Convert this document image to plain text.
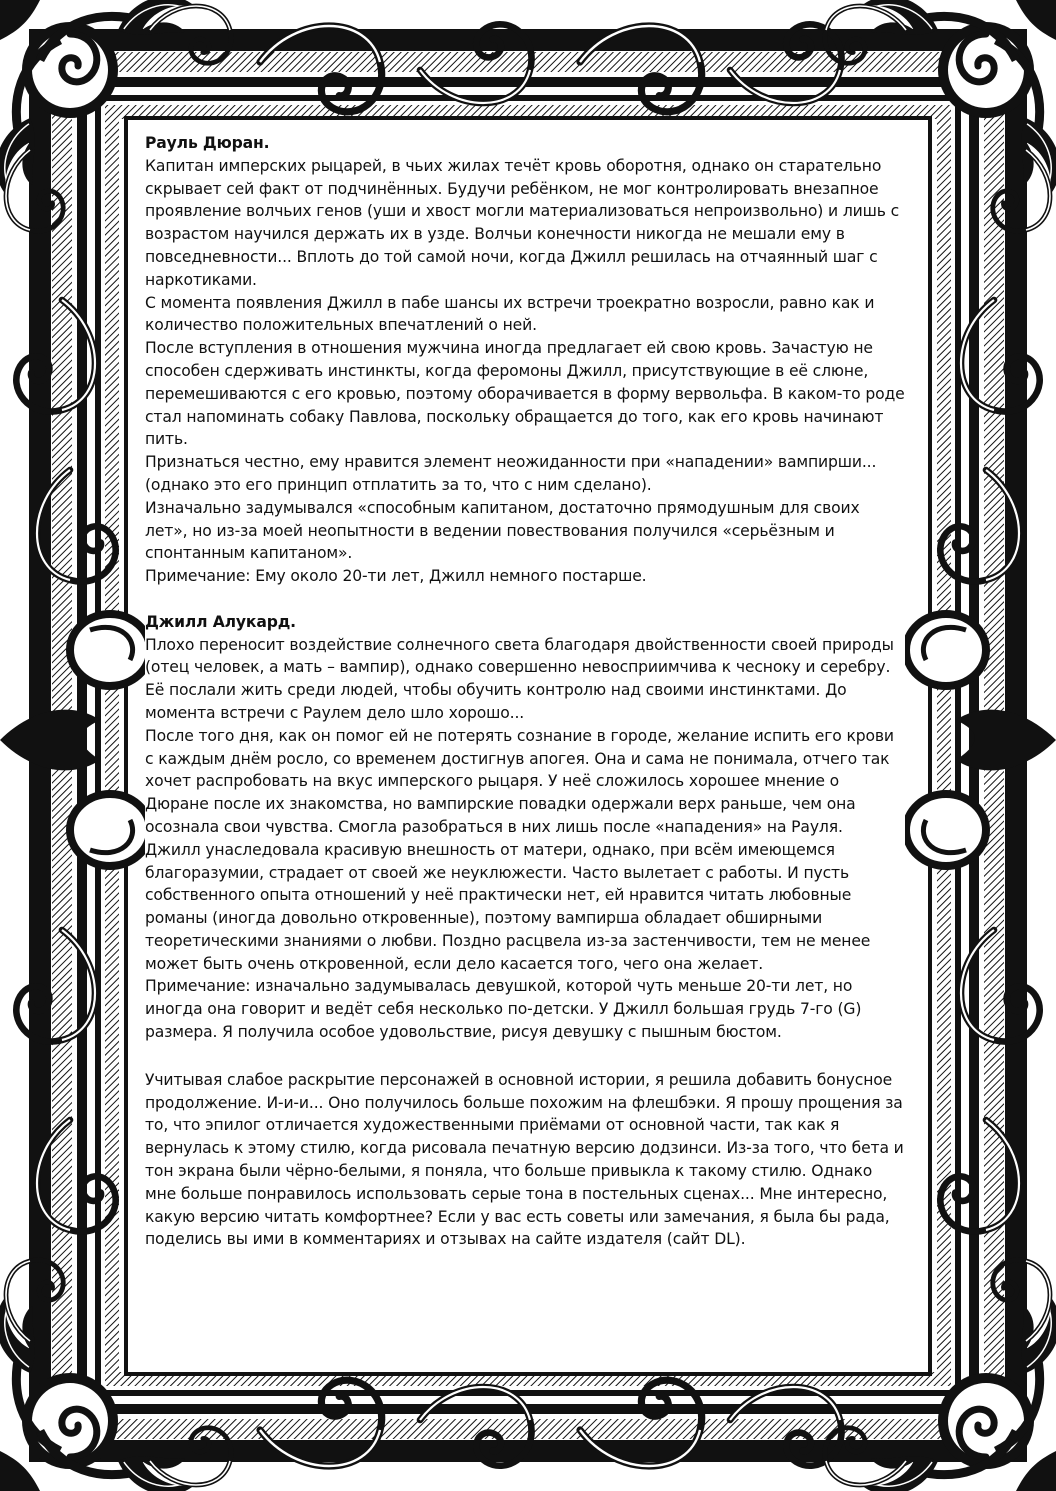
Рауль Дюран.

Капитан имперских рыцарей, в чьих жилах течёт кровь оборотня, однако он старательно скрывает сей факт от подчинённых. Будучи ребёнком, не мог контролировать внезапное проявление волчьих генов (уши и хвост могли материализоваться непроизвольно) и лишь с возрастом научился держать их в узде. Волчьи конечности никогда не мешали ему в повседневности... Вплоть до той самой ночи, когда Джилл решилась на отчаянный шаг с наркотиками.

С момента появления Джилл в пабе шансы их встречи троекратно возросли, равно как и количество положительных впечатлений о ней.

После вступления в отношения мужчина иногда предлагает ей свою кровь. Зачастую не способен сдерживать инстинкты, когда феромоны Джилл, присутствующие в её слюне, перемешиваются с его кровью, поэтому оборачивается в форму вервольфа. В каком-то роде стал напоминать собаку Павлова, поскольку обращается до того, как его кровь начинают пить.

Признаться честно, ему нравится элемент неожиданности при «нападении» вампирши... (однако это его принцип отплатить за то, что с ним сделано).

Изначально задумывался «способным капитаном, достаточно прямодушным для своих лет», но из-за моей неопытности в ведении повествования получился «серьёзным и спонтанным капитаном».

Примечание: Ему около 20-ти лет, Джилл немного постарше.

Джилл Алукард.

Плохо переносит воздействие солнечного света благодаря двойственности своей природы (отец человек, а мать – вампир), однако совершенно невосприимчива к чесноку и серебру. Её послали жить среди людей, чтобы обучить контролю над своими инстинктами. До момента встречи с Раулем дело шло хорошо...

После того дня, как он помог ей не потерять сознание в городе, желание испить его крови с каждым днём росло, со временем достигнув апогея. Она и сама не понимала, отчего так хочет распробовать на вкус имперского рыцаря. У неё сложилось хорошее мнение о Дюране после их знакомства, но вампирские повадки одержали верх раньше, чем она осознала свои чувства. Смогла разобраться в них лишь после «нападения» на Рауля.

Джилл унаследовала красивую внешность от матери, однако, при всём имеющемся благоразумии, страдает от своей же неуклюжести. Часто вылетает с работы. И пусть собственного опыта отношений у неё практически нет, ей нравится читать любовные романы (иногда довольно откровенные), поэтому вампирша обладает обширными теоретическими знаниями о любви. Поздно расцвела из-за застенчивости, тем не менее может быть очень откровенной, если дело касается того, чего она желает.

Примечание: изначально задумывалась девушкой, которой чуть меньше 20-ти лет, но иногда она говорит и ведёт себя несколько по-детски. У Джилл большая грудь 7-го (G) размера. Я получила особое удовольствие, рисуя девушку с пышным бюстом.

Учитывая слабое раскрытие персонажей в основной истории, я решила добавить бонусное продолжение. И-и-и... Оно получилось больше похожим на флешбэки. Я прошу прощения за то, что эпилог отличается художественными приёмами от основной части, так как я вернулась к этому стилю, когда рисовала печатную версию додзинси. Из-за того, что бета и тон экрана были чёрно-белыми, я поняла, что больше привыкла к такому стилю. Однако мне больше понравилось использовать серые тона в постельных сценах... Мне интересно, какую версию читать комфортнее? Если у вас есть советы или замечания, я была бы рада, поделись вы ими в комментариях и отзывах на сайте издателя (сайт DL).
